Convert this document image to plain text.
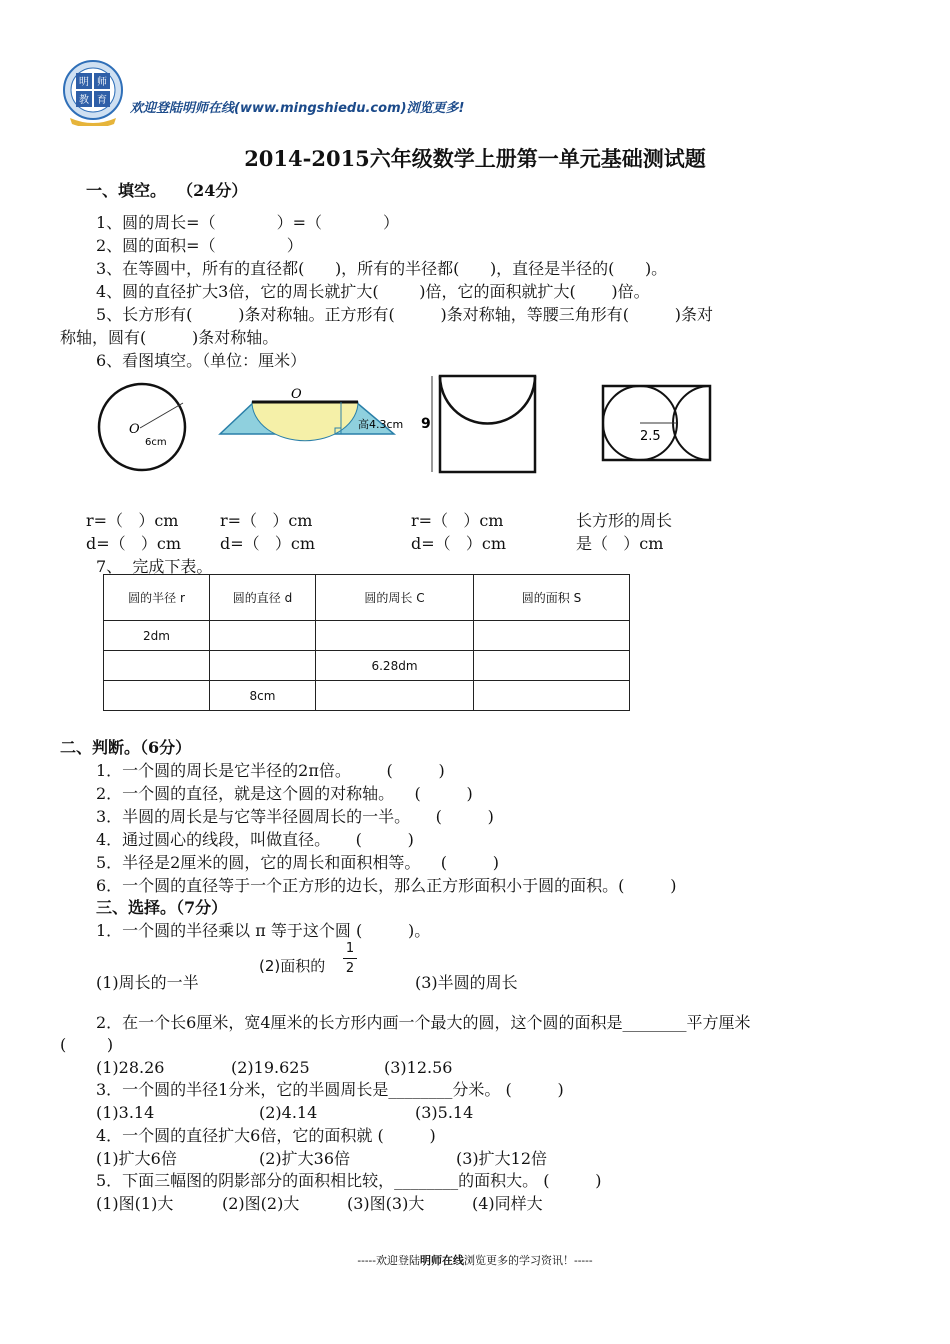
明 师
教 育
欢迎登陆明师在线(www.mingshiedu.com)浏览更多!
2014-2015六年级数学上册第一单元基础测试题
一、填空。  （24分）
1、圆的周长=（            ）=（            ）
2、圆的面积=（              ）
3、在等圆中，所有的直径都(      )，所有的半径都(      )，直径是半径的(      )。
4、圆的直径扩大3倍，它的周长就扩大(        )倍，它的面积就扩大(       )倍。
5、长方形有(         )条对称轴。正方形有(         )条对称轴，等腰三角形有(         )条对
称轴，圆有(         )条对称轴。
6、看图填空。（单位：厘米）
O
6cm
O
高4.3cm 9
2.5
r=（   ）cm
d=（   ）cm
r=（   ）cm
d=（   ）cm
r=（   ）cm
d=（   ）cm
长方形的周长
是（   ）cm
7、  完成下表。
圆的半径 r	圆的直径 d	圆的周长 C	圆的面积 S
2dm			
		6.28dm	
	8cm		
二、判断。（6分）
1．一个圆的周长是它半径的2π倍。       (         )
2．一个圆的直径，就是这个圆的对称轴。    (         )
3．半圆的周长是与它等半径圆周长的一半。     (         )
4．通过圆心的线段，叫做直径。     (         )
5．半径是2厘米的圆，它的周长和面积相等。    (         )
6．一个圆的直径等于一个正方形的边长，那么正方形面积小于圆的面积。(         )
三、选择。（7分）
1．一个圆的半径乘以 π 等于这个圆 (         )。
(1)周长的一半
(2)面积的
1
2
(3)半圆的周长
2．在一个长6厘米，宽4厘米的长方形内画一个最大的圆，这个圆的面积是________平方厘米
(        )
(1)28.26	(2)19.625	(3)12.56
3．一个圆的半径1分米，它的半圆周长是________分米。 (         )
(1)3.14	(2)4.14	(3)5.14
4．一个圆的直径扩大6倍，它的面积就 (         )
(1)扩大6倍	(2)扩大36倍	(3)扩大12倍
5．下面三幅图的阴影部分的面积相比较，________的面积大。 (         )
(1)图(1)大	(2)图(2)大	(3)图(3)大	(4)同样大
-----欢迎登陆明师在线浏览更多的学习资讯！-----
